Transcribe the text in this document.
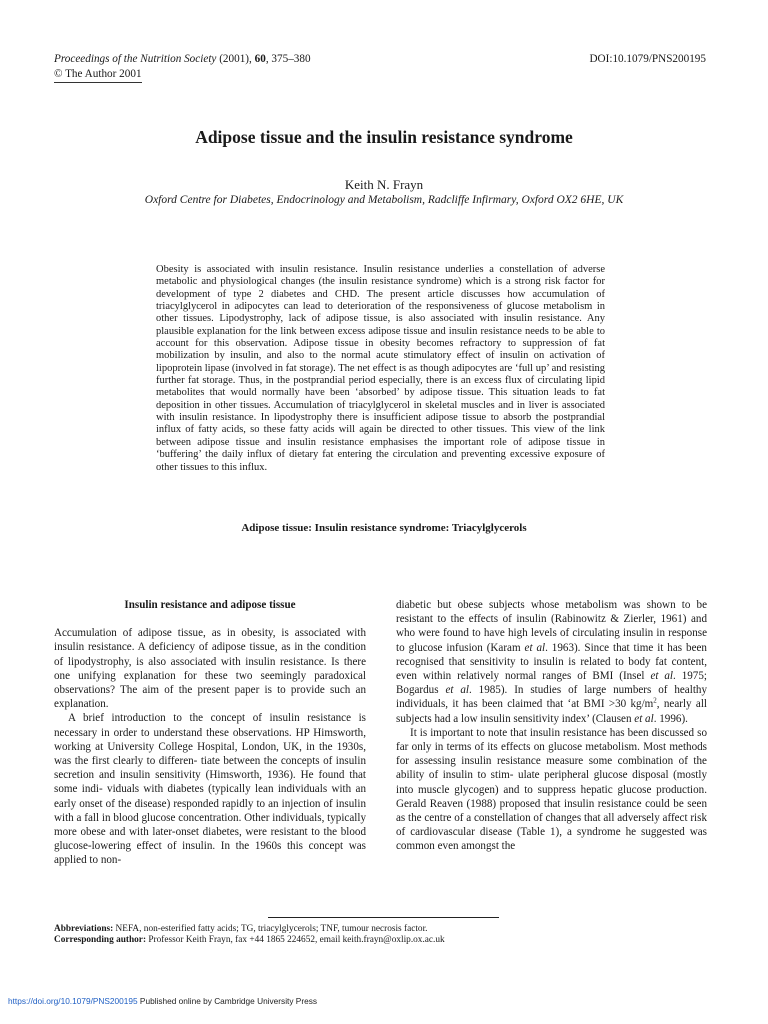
Proceedings of the Nutrition Society (2001), 60, 375–380
© The Author 2001
DOI:10.1079/PNS200195
Adipose tissue and the insulin resistance syndrome
Keith N. Frayn
Oxford Centre for Diabetes, Endocrinology and Metabolism, Radcliffe Infirmary, Oxford OX2 6HE, UK
Obesity is associated with insulin resistance. Insulin resistance underlies a constellation of adverse metabolic and physiological changes (the insulin resistance syndrome) which is a strong risk factor for development of type 2 diabetes and CHD. The present article discusses how accumulation of triacylglycerol in adipocytes can lead to deterioration of the responsiveness of glucose metabolism in other tissues. Lipodystrophy, lack of adipose tissue, is also associated with insulin resistance. Any plausible explanation for the link between excess adipose tissue and insulin resistance needs to be able to account for this observation. Adipose tissue in obesity becomes refractory to suppression of fat mobilization by insulin, and also to the normal acute stimulatory effect of insulin on activation of lipoprotein lipase (involved in fat storage). The net effect is as though adipocytes are ‘full up’ and resisting further fat storage. Thus, in the postprandial period especially, there is an excess flux of circulating lipid metabolites that would normally have been ‘absorbed’ by adipose tissue. This situation leads to fat deposition in other tissues. Accumulation of triacylglycerol in skeletal muscles and in liver is associated with insulin resistance. In lipodystrophy there is insufficient adipose tissue to absorb the postprandial influx of fatty acids, so these fatty acids will again be directed to other tissues. This view of the link between adipose tissue and insulin resistance emphasises the important role of adipose tissue in ‘buffering’ the daily influx of dietary fat entering the circulation and preventing excessive exposure of other tissues to this influx.
Adipose tissue: Insulin resistance syndrome: Triacylglycerols
Insulin resistance and adipose tissue

Accumulation of adipose tissue, as in obesity, is associated with insulin resistance. A deficiency of adipose tissue, as in the condition of lipodystrophy, is also associated with insulin resistance. Is there one unifying explanation for these two seemingly paradoxical observations? The aim of the present paper is to provide such an explanation.

A brief introduction to the concept of insulin resistance is necessary in order to understand these observations. HP Himsworth, working at University College Hospital, London, UK, in the 1930s, was the first clearly to differen- tiate between the concepts of insulin secretion and insulin sensitivity (Himsworth, 1936). He found that some indi- viduals with diabetes (typically lean individuals with an early onset of the disease) responded rapidly to an injection of insulin with a fall in blood glucose concentration. Other individuals, typically more obese and with later-onset diabetes, were resistant to the blood glucose-lowering effect of insulin. In the 1960s this concept was applied to non-

diabetic but obese subjects whose metabolism was shown to be resistant to the effects of insulin (Rabinowitz & Zierler, 1961) and who were found to have high levels of circulating insulin in response to glucose infusion (Karam et al. 1963). Since that time it has been recognised that sensitivity to insulin is related to body fat content, even within relatively normal ranges of BMI (Insel et al. 1975; Bogardus et al. 1985). In studies of large numbers of healthy individuals, it has been claimed that ‘at BMI >30 $kg/m^2$, nearly all subjects had a low insulin sensitivity index’ (Clausen et al. 1996).

It is important to note that insulin resistance has been discussed so far only in terms of its effects on glucose metabolism. Most methods for assessing insulin resistance measure some combination of the ability of insulin to stim- ulate peripheral glucose disposal (mostly into muscle glycogen) and to suppress hepatic glucose production. Gerald Reaven (1988) proposed that insulin resistance could be seen as the centre of a constellation of changes that all adversely affect risk of cardiovascular disease (Table 1), a syndrome he suggested was common even amongst the

Abbreviations: NEFA, non-esterified fatty acids; TG, triacylglycerols; TNF, tumour necrosis factor.
Corresponding author: Professor Keith Frayn, fax +44 1865 224652, email keith.frayn@oxlip.ox.ac.uk
https://doi.org/10.1079/PNS200195 Published online by Cambridge University Press
